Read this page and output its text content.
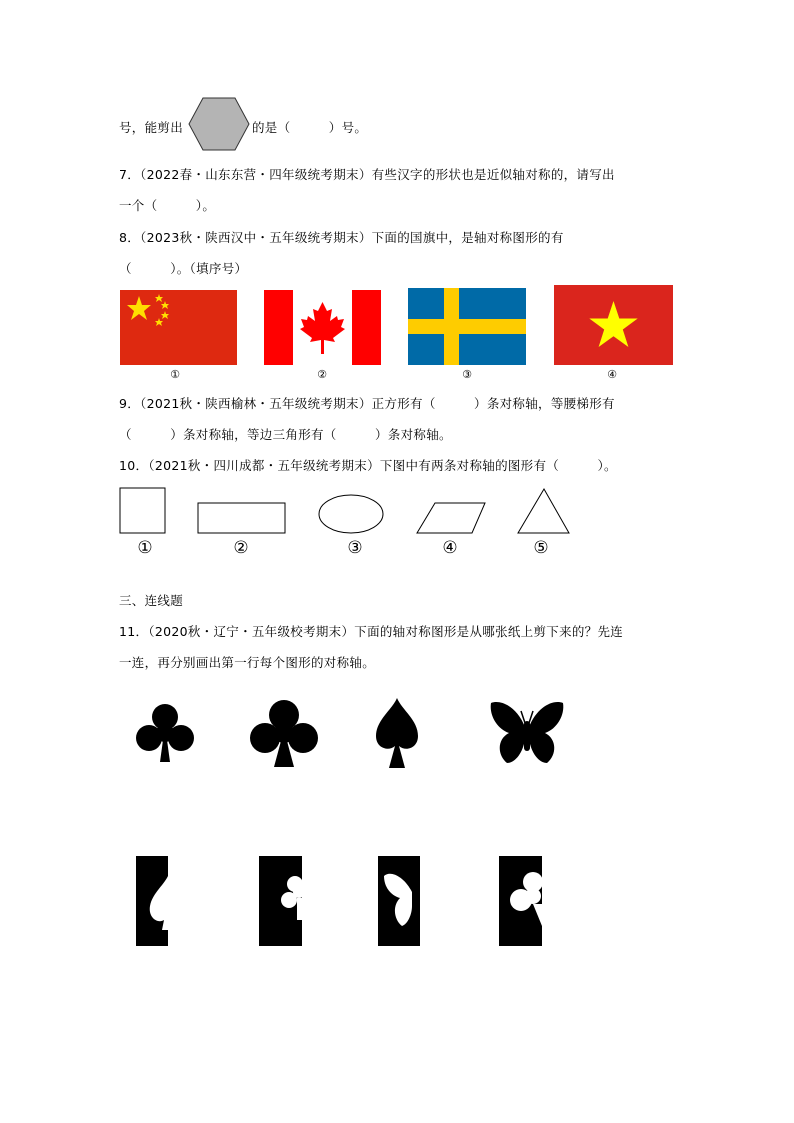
号，能剪出	的是（　　　）号。
7．（2022春・山东东营・四年级统考期末）有些汉字的形状也是近似轴对称的，请写出
一个（　　　）。
8．（2023秋・陕西汉中・五年级统考期末）下面的国旗中，是轴对称图形的有
（　　　）。（填序号）
①	②	③	④
9．（2021秋・陕西榆林・五年级统考期末）正方形有（　　　）条对称轴，等腰梯形有
（　　　）条对称轴，等边三角形有（　　　）条对称轴。
10．（2021秋・四川成都・五年级统考期末）下图中有两条对称轴的图形有（　　　）。
①	②	③	④	⑤
三、连线题
11．（2020秋・辽宁・五年级校考期末）下面的轴对称图形是从哪张纸上剪下来的？先连
一连，再分别画出第一行每个图形的对称轴。
